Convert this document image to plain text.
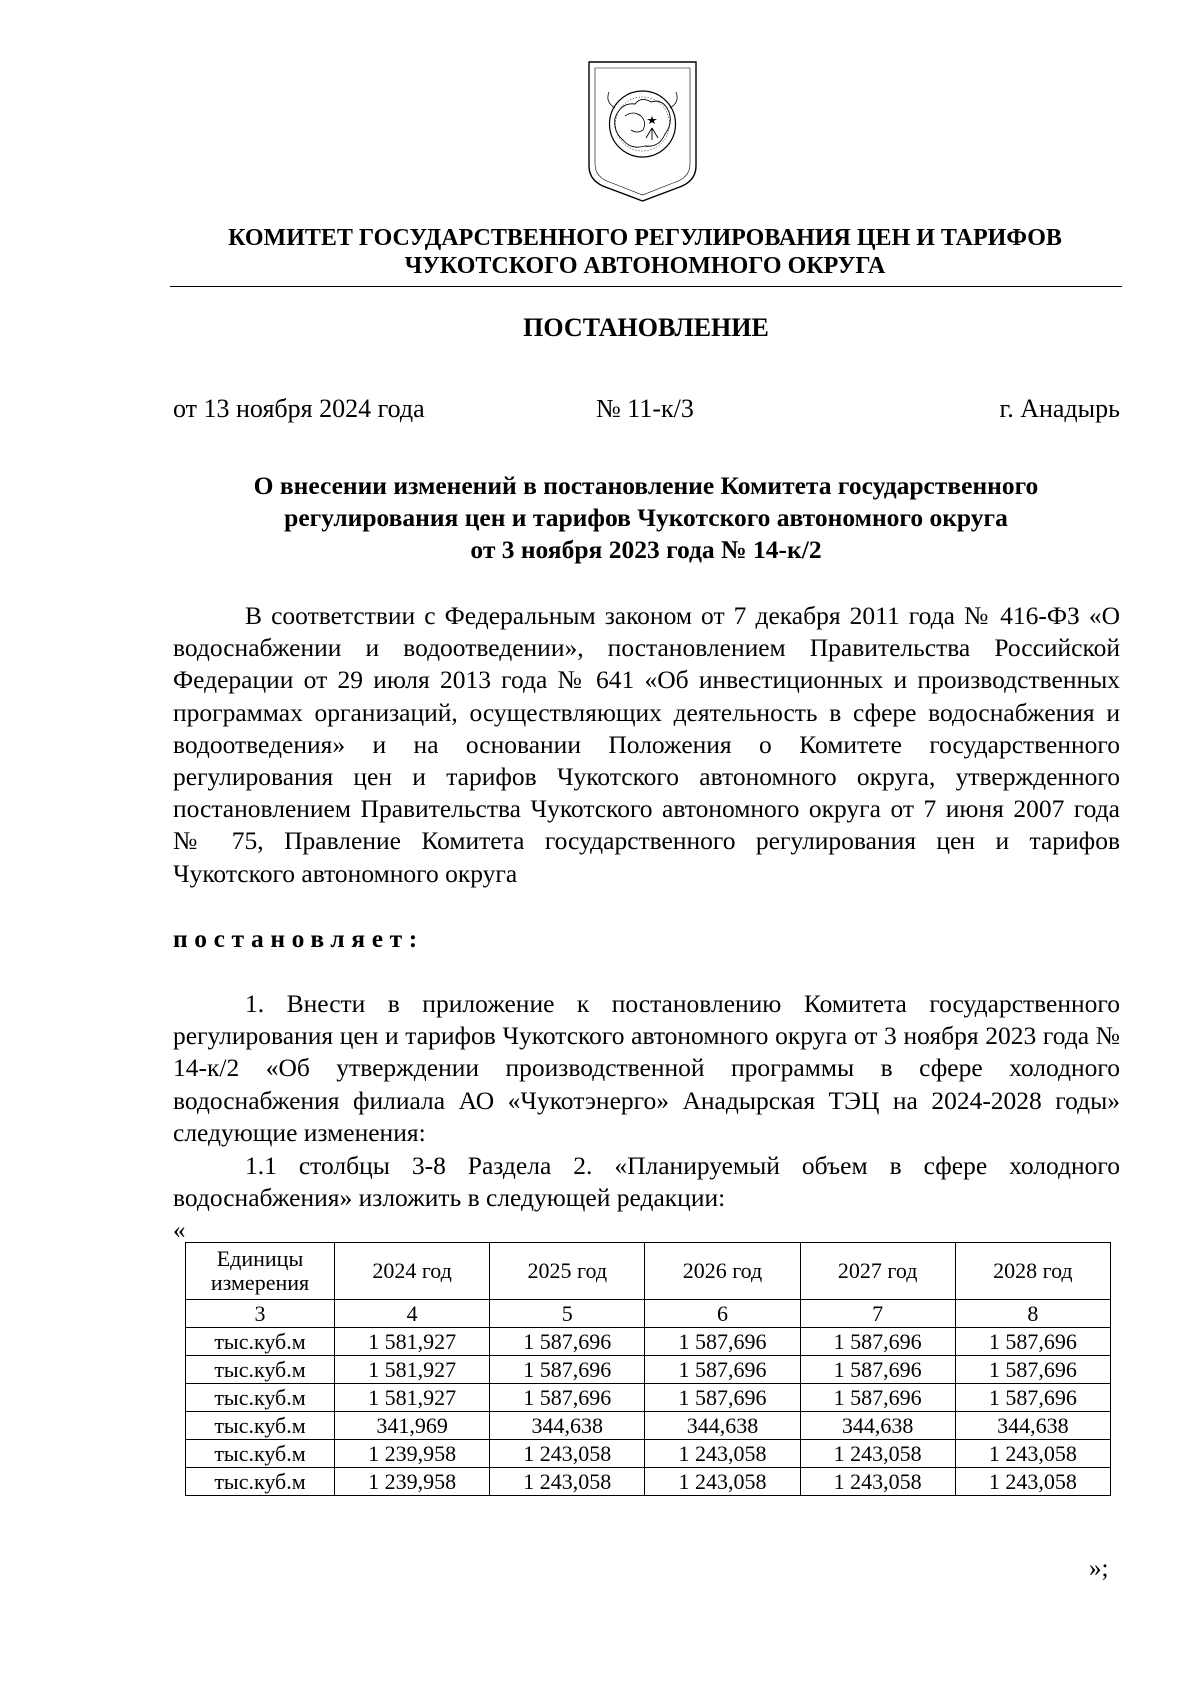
КОМИТЕТ ГОСУДАРСТВЕННОГО РЕГУЛИРОВАНИЯ ЦЕН И ТАРИФОВ
ЧУКОТСКОГО АВТОНОМНОГО ОКРУГА
ПОСТАНОВЛЕНИЕ
от 13 ноября 2024 года	№ 11-к/3	г. Анадырь
О внесении изменений в постановление Комитета государственного
регулирования цен и тарифов Чукотского автономного округа
от 3 ноября 2023 года № 14-к/2
В соответствии с Федеральным законом от 7 декабря 2011 года № 416-ФЗ «О водоснабжении и водоотведении», постановлением Правительства Российской Федерации от 29 июля 2013 года № 641 «Об инвестиционных и производственных программах организаций, осуществляющих деятельность в сфере водоснабжения и водоотведения» и на основании Положения о Комитете государственного регулирования цен и тарифов Чукотского автономного округа, утвержденного постановлением Правительства Чукотского автономного округа от 7 июня 2007 года № 75, Правление Комитета государственного регулирования цен и тарифов Чукотского автономного округа
постановляет:
1. Внести в приложение к постановлению Комитета государственного регулирования цен и тарифов Чукотского автономного округа от 3 ноября 2023 года № 14-к/2 «Об утверждении производственной программы в сфере холодного водоснабжения филиала АО «Чукотэнерго» Анадырская ТЭЦ на 2024-2028 годы» следующие изменения:
1.1 столбцы 3-8 Раздела 2. «Планируемый объем в сфере холодного водоснабжения» изложить в следующей редакции:
«
Единицы измерения	2024 год	2025 год	2026 год	2027 год	2028 год
3	4	5	6	7	8
тыс.куб.м	1 581,927	1 587,696	1 587,696	1 587,696	1 587,696
тыс.куб.м	1 581,927	1 587,696	1 587,696	1 587,696	1 587,696
тыс.куб.м	1 581,927	1 587,696	1 587,696	1 587,696	1 587,696
тыс.куб.м	341,969	344,638	344,638	344,638	344,638
тыс.куб.м	1 239,958	1 243,058	1 243,058	1 243,058	1 243,058
тыс.куб.м	1 239,958	1 243,058	1 243,058	1 243,058	1 243,058
»;
